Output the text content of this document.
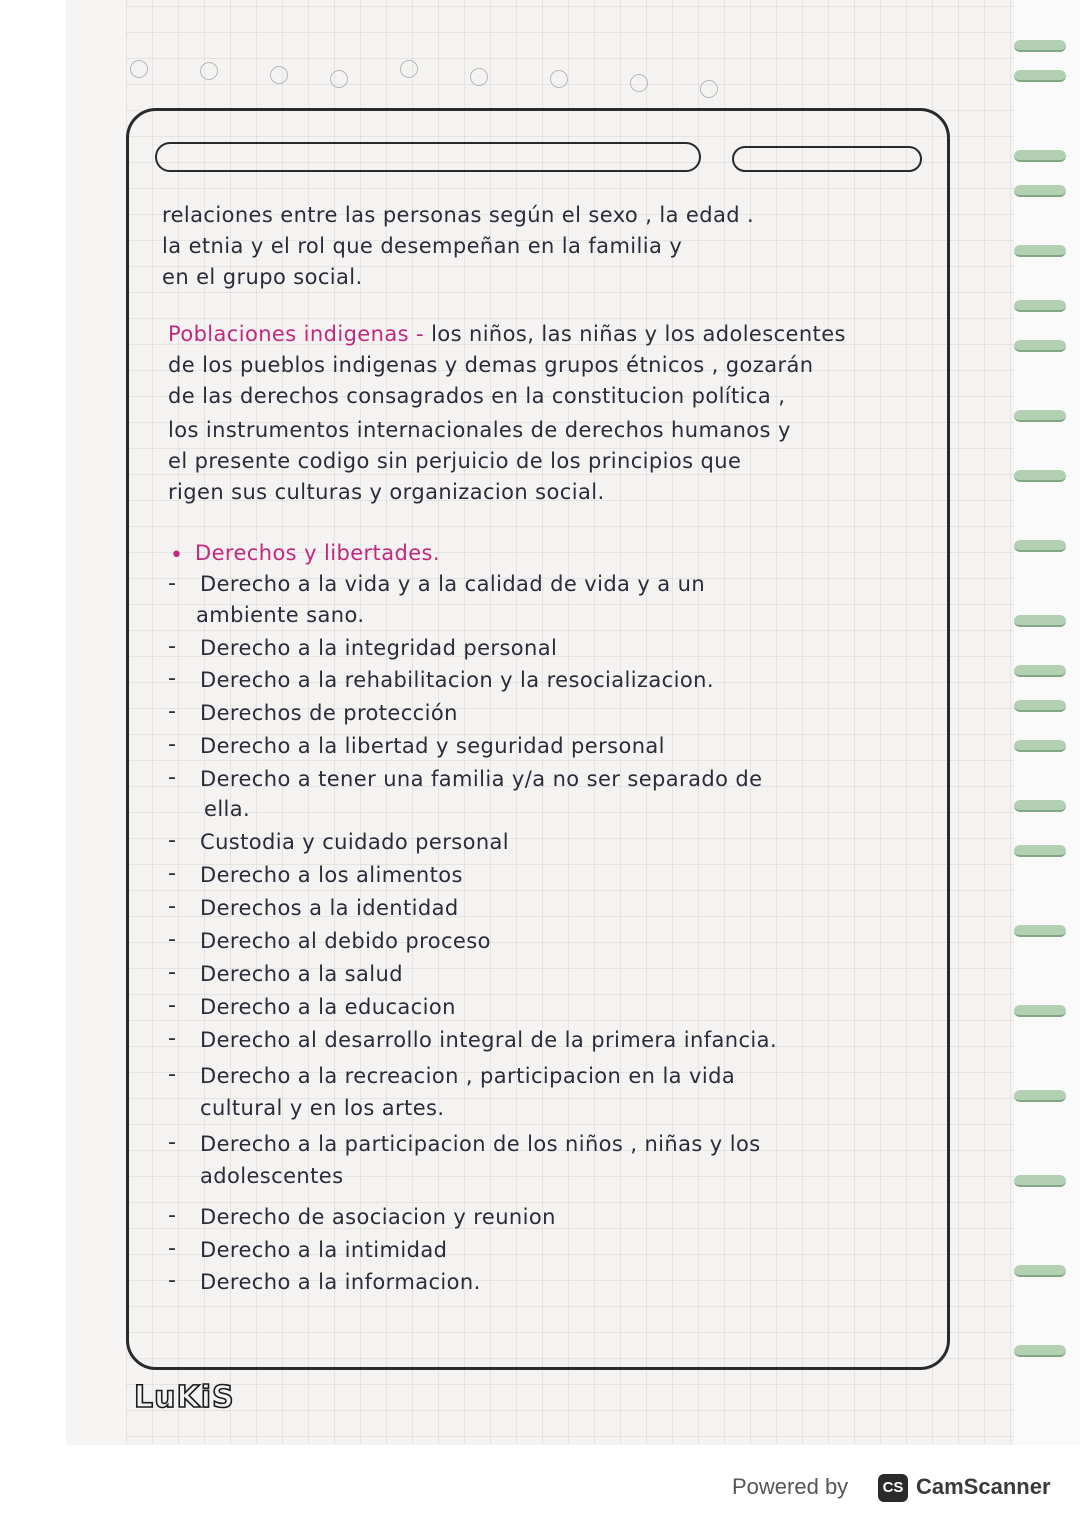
relaciones entre las personas según el sexo , la edad .
la etnia y el rol que desempeñan en la familia y
en el grupo social.
Poblaciones indigenas - los niños, las niñas y los adolescentes
de los pueblos indigenas y demas grupos étnicos , gozarán
de las derechos consagrados en la constitucion política ,
los instrumentos internacionales de derechos humanos y
el presente codigo sin perjuicio de los principios que
rigen sus culturas y organizacion social.
• Derechos y libertades.
- Derecho a la vida y a la calidad de vida y a un
ambiente sano.
- Derecho a la integridad personal
- Derecho a la rehabilitacion y la resocializacion.
- Derechos de protección
- Derecho a la libertad y seguridad personal
- Derecho a tener una familia y/a no ser separado de
ella.
- Custodia y cuidado personal
- Derecho a los alimentos
- Derechos a la identidad
- Derecho al debido proceso
- Derecho a la salud
- Derecho a la educacion
- Derecho al desarrollo integral de la primera infancia.
- Derecho a la recreacion , participacion en la vida
cultural y en los artes.
- Derecho a la participacion de los niños , niñas y los
adolescentes
- Derecho de asociacion y reunion
- Derecho a la intimidad
- Derecho a la informacion.
LuKiS
Powered by	CS CamScanner
